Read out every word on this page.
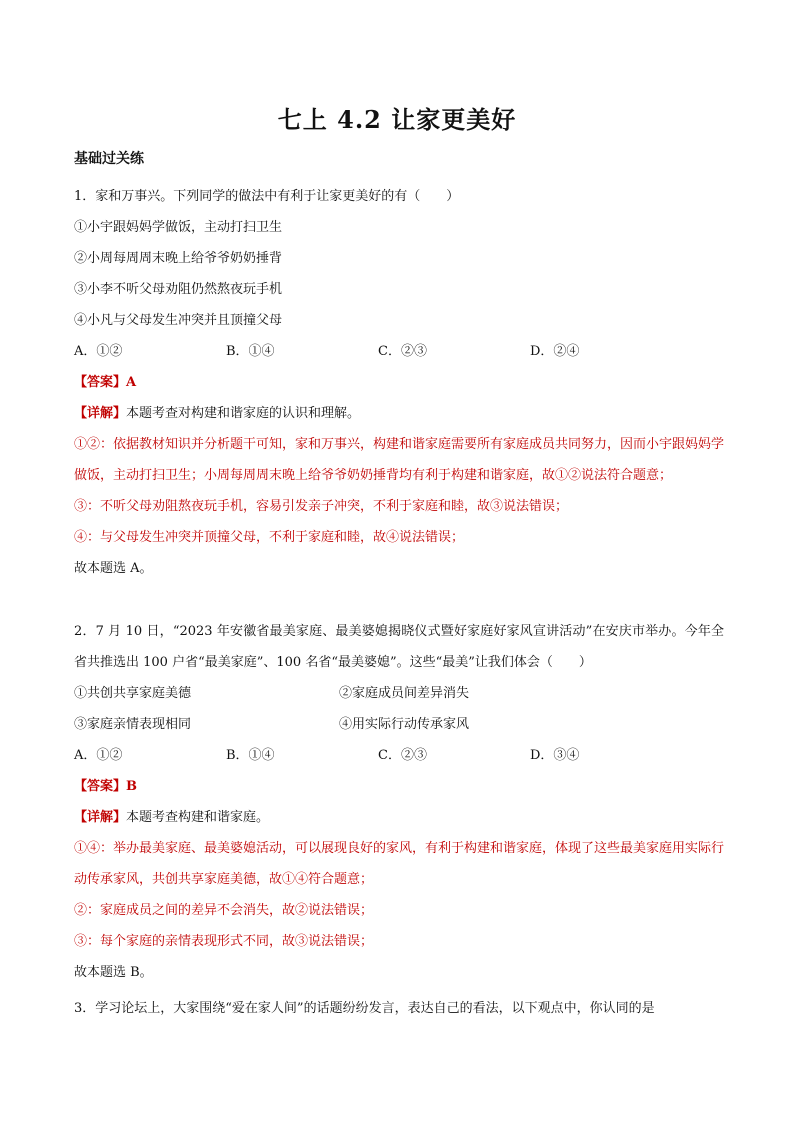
七上 4.2 让家更美好
基础过关练
1．家和万事兴。下列同学的做法中有利于让家更美好的有（　　）
①小宇跟妈妈学做饭，主动打扫卫生
②小周每周周末晚上给爷爷奶奶捶背
③小李不听父母劝阻仍然熬夜玩手机
④小凡与父母发生冲突并且顶撞父母
A．①②	B．①④	C．②③	D．②④
【答案】A
【详解】本题考查对构建和谐家庭的认识和理解。
①②：依据教材知识并分析题干可知，家和万事兴，构建和谐家庭需要所有家庭成员共同努力，因而小宇跟妈妈学做饭，主动打扫卫生；小周每周周末晚上给爷爷奶奶捶背均有利于构建和谐家庭，故①②说法符合题意；
③：不听父母劝阻熬夜玩手机，容易引发亲子冲突，不利于家庭和睦，故③说法错误；
④：与父母发生冲突并顶撞父母，不利于家庭和睦，故④说法错误；
故本题选 A。
2．7 月 10 日，“2023 年安徽省最美家庭、最美婆媳揭晓仪式暨好家庭好家风宣讲活动”在安庆市举办。今年全省共推选出 100 户省“最美家庭”、100 名省“最美婆媳”。这些“最美”让我们体会（　　）
①共创共享家庭美德	②家庭成员间差异消失
③家庭亲情表现相同	④用实际行动传承家风
A．①②	B．①④	C．②③	D．③④
【答案】B
【详解】本题考查构建和谐家庭。
①④：举办最美家庭、最美婆媳活动，可以展现良好的家风，有利于构建和谐家庭，体现了这些最美家庭用实际行动传承家风，共创共享家庭美德，故①④符合题意；
②：家庭成员之间的差异不会消失，故②说法错误；
③：每个家庭的亲情表现形式不同，故③说法错误；
故本题选 B。
3．学习论坛上，大家围绕“爱在家人间”的话题纷纷发言，表达自己的看法，以下观点中，你认同的是
